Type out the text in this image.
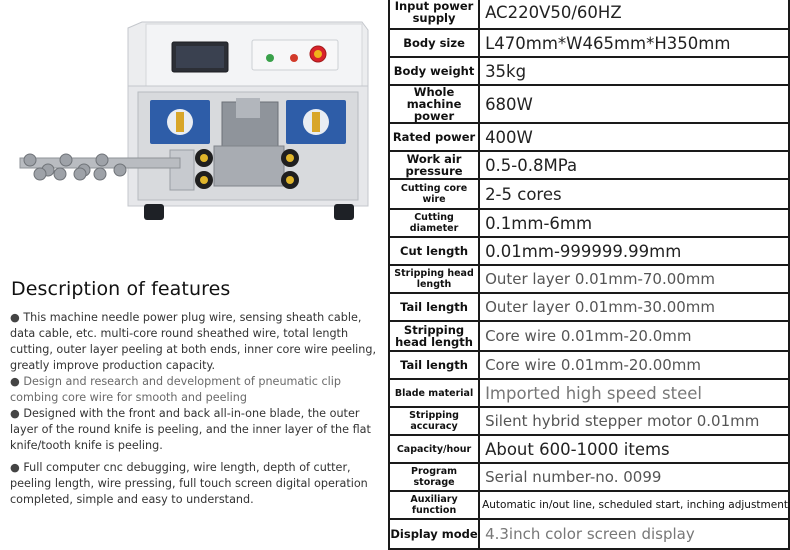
Description of features

● This machine needle power plug wire, sensing sheath cable, data cable, etc. multi-core round sheathed wire, total length cutting, outer layer peeling at both ends, inner core wire peeling, greatly improve production capacity.

● Design and research and development of pneumatic clip combing core wire for smooth and peeling

● Designed with the front and back all-in-one blade, the outer layer of the round knife is peeling, and the inner layer of the flat knife/tooth knife is peeling.

● Full computer cnc debugging, wire length, depth of cutter, peeling length, wire pressing, full touch screen digital operation completed, simple and easy to understand.

Input power supply	AC220V50/60HZ
Body size	L470mm*W465mm*H350mm
Body weight	35kg
Whole machine power	680W
Rated power	400W
Work air pressure	0.5-0.8MPa
Cutting core wire	2-5 cores
Cutting diameter	0.1mm-6mm
Cut length	0.01mm-999999.99mm
Stripping head length	Outer layer 0.01mm-70.00mm
Tail length	Outer layer 0.01mm-30.00mm
Stripping head length	Core wire 0.01mm-20.0mm
Tail length	Core wire 0.01mm-20.00mm
Blade material	Imported high speed steel
Stripping accuracy	Silent hybrid stepper motor 0.01mm
Capacity/hour	About 600-1000 items
Program storage	Serial number-no. 0099
Auxiliary function	Automatic in/out line, scheduled start, inching adjustment
Display mode	4.3inch color screen display
